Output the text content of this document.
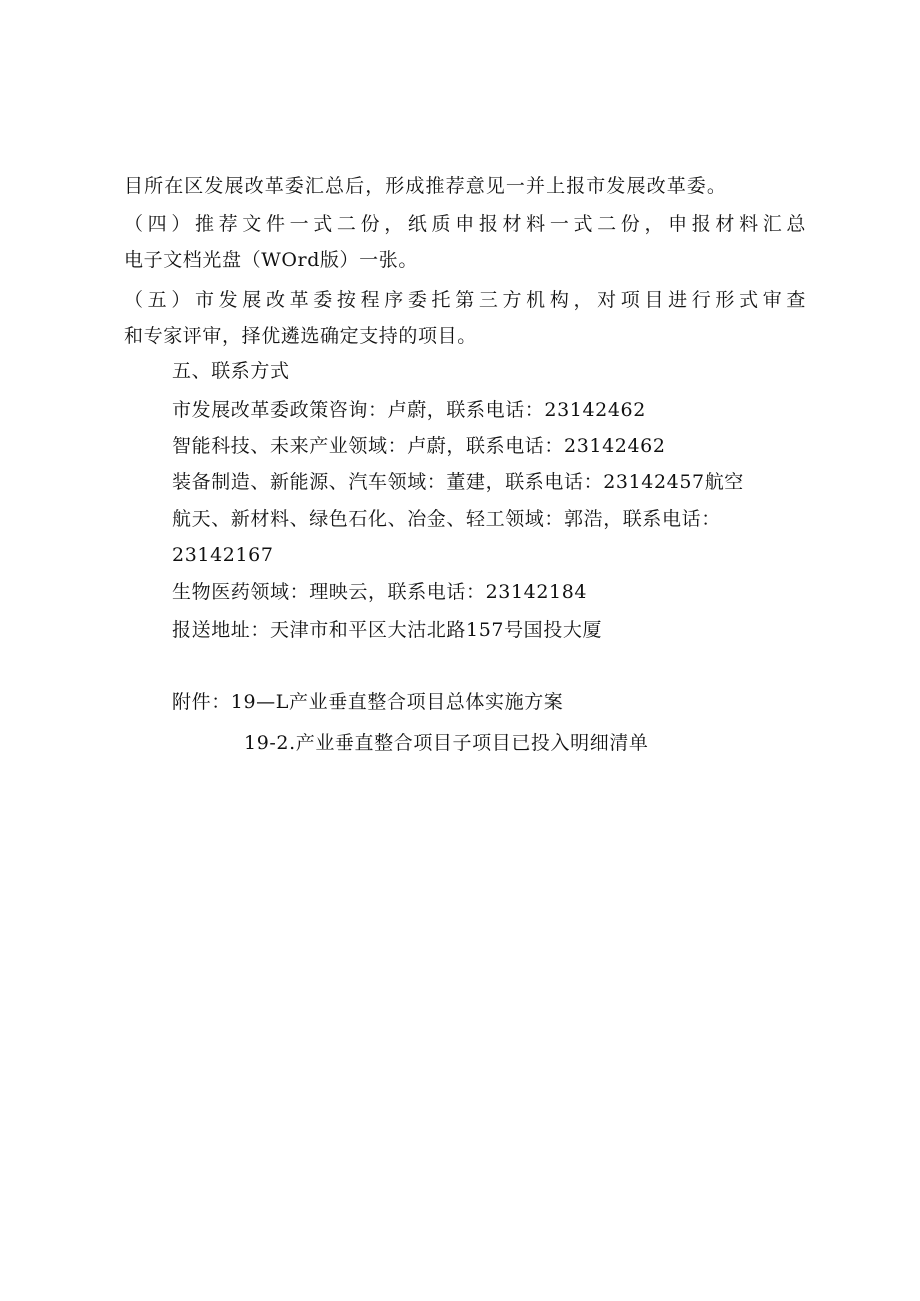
目所在区发展改革委汇总后，形成推荐意见一并上报市发展改革委。
（四）推荐文件一式二份，纸质申报材料一式二份，申报材料汇总
电子文档光盘（WOrd版）一张。
（五）市发展改革委按程序委托第三方机构，对项目进行形式审查
和专家评审，择优遴选确定支持的项目。
五、联系方式
市发展改革委政策咨询：卢蔚，联系电话：23142462
智能科技、未来产业领域：卢蔚，联系电话：23142462
装备制造、新能源、汽车领域：董建，联系电话：23142457航空
航天、新材料、绿色石化、冶金、轻工领域：郭浩，联系电话：
23142167
生物医药领域：理映云，联系电话：23142184
报送地址：天津市和平区大沽北路157号国投大厦
附件：19—L产业垂直整合项目总体实施方案
19-2.产业垂直整合项目子项目已投入明细清单
